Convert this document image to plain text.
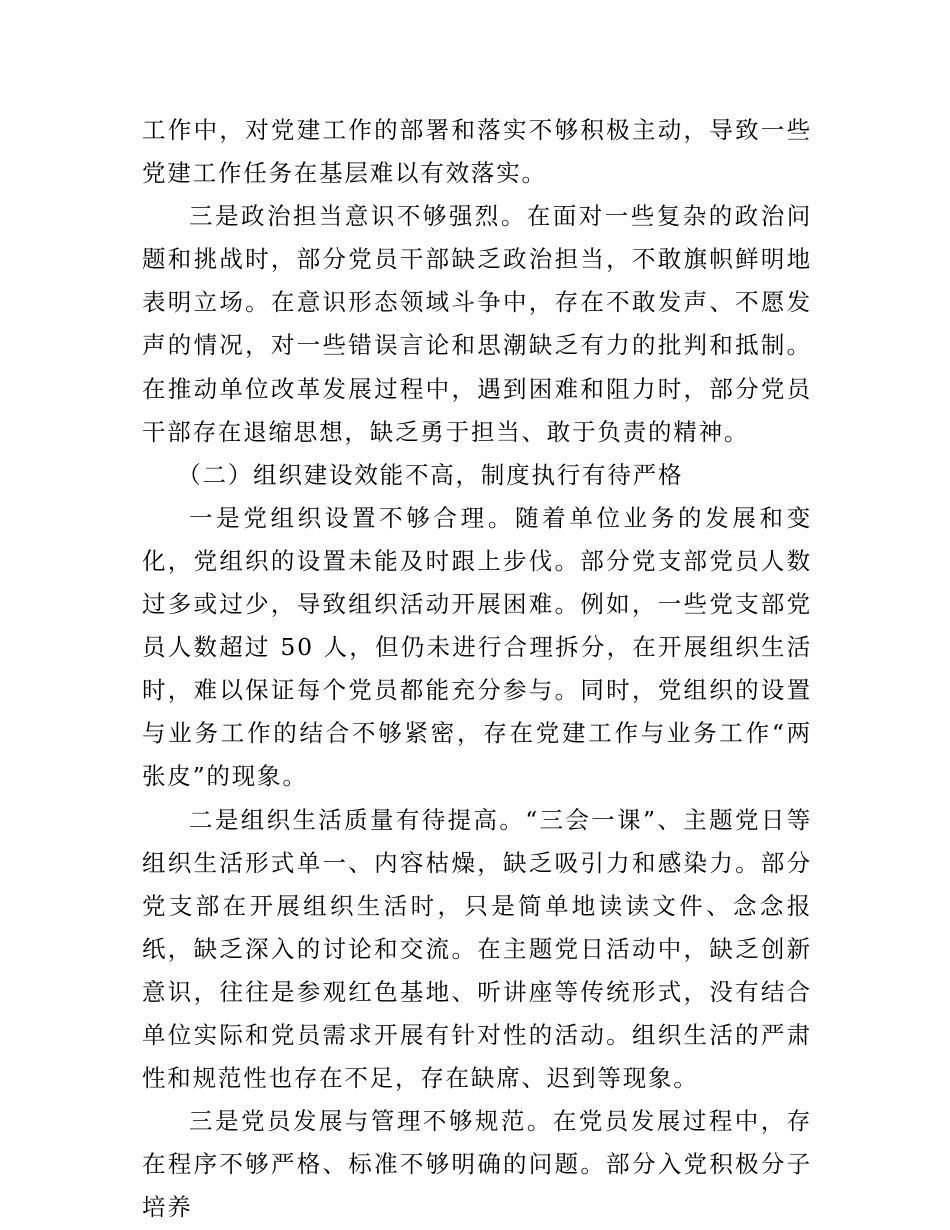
工作中，对党建工作的部署和落实不够积极主动，导致一些党建工作任务在基层难以有效落实。

三是政治担当意识不够强烈。在面对一些复杂的政治问题和挑战时，部分党员干部缺乏政治担当，不敢旗帜鲜明地表明立场。在意识形态领域斗争中，存在不敢发声、不愿发声的情况，对一些错误言论和思潮缺乏有力的批判和抵制。在推动单位改革发展过程中，遇到困难和阻力时，部分党员干部存在退缩思想，缺乏勇于担当、敢于负责的精神。

（二）组织建设效能不高，制度执行有待严格

一是党组织设置不够合理。随着单位业务的发展和变化，党组织的设置未能及时跟上步伐。部分党支部党员人数过多或过少，导致组织活动开展困难。例如，一些党支部党员人数超过 50 人，但仍未进行合理拆分，在开展组织生活时，难以保证每个党员都能充分参与。同时，党组织的设置与业务工作的结合不够紧密，存在党建工作与业务工作“两张皮”的现象。

二是组织生活质量有待提高。“三会一课”、主题党日等组织生活形式单一、内容枯燥，缺乏吸引力和感染力。部分党支部在开展组织生活时，只是简单地读读文件、念念报纸，缺乏深入的讨论和交流。在主题党日活动中，缺乏创新意识，往往是参观红色基地、听讲座等传统形式，没有结合单位实际和党员需求开展有针对性的活动。组织生活的严肃性和规范性也存在不足，存在缺席、迟到等现象。

三是党员发展与管理不够规范。在党员发展过程中，存在程序不够严格、标准不够明确的问题。部分入党积极分子培养
